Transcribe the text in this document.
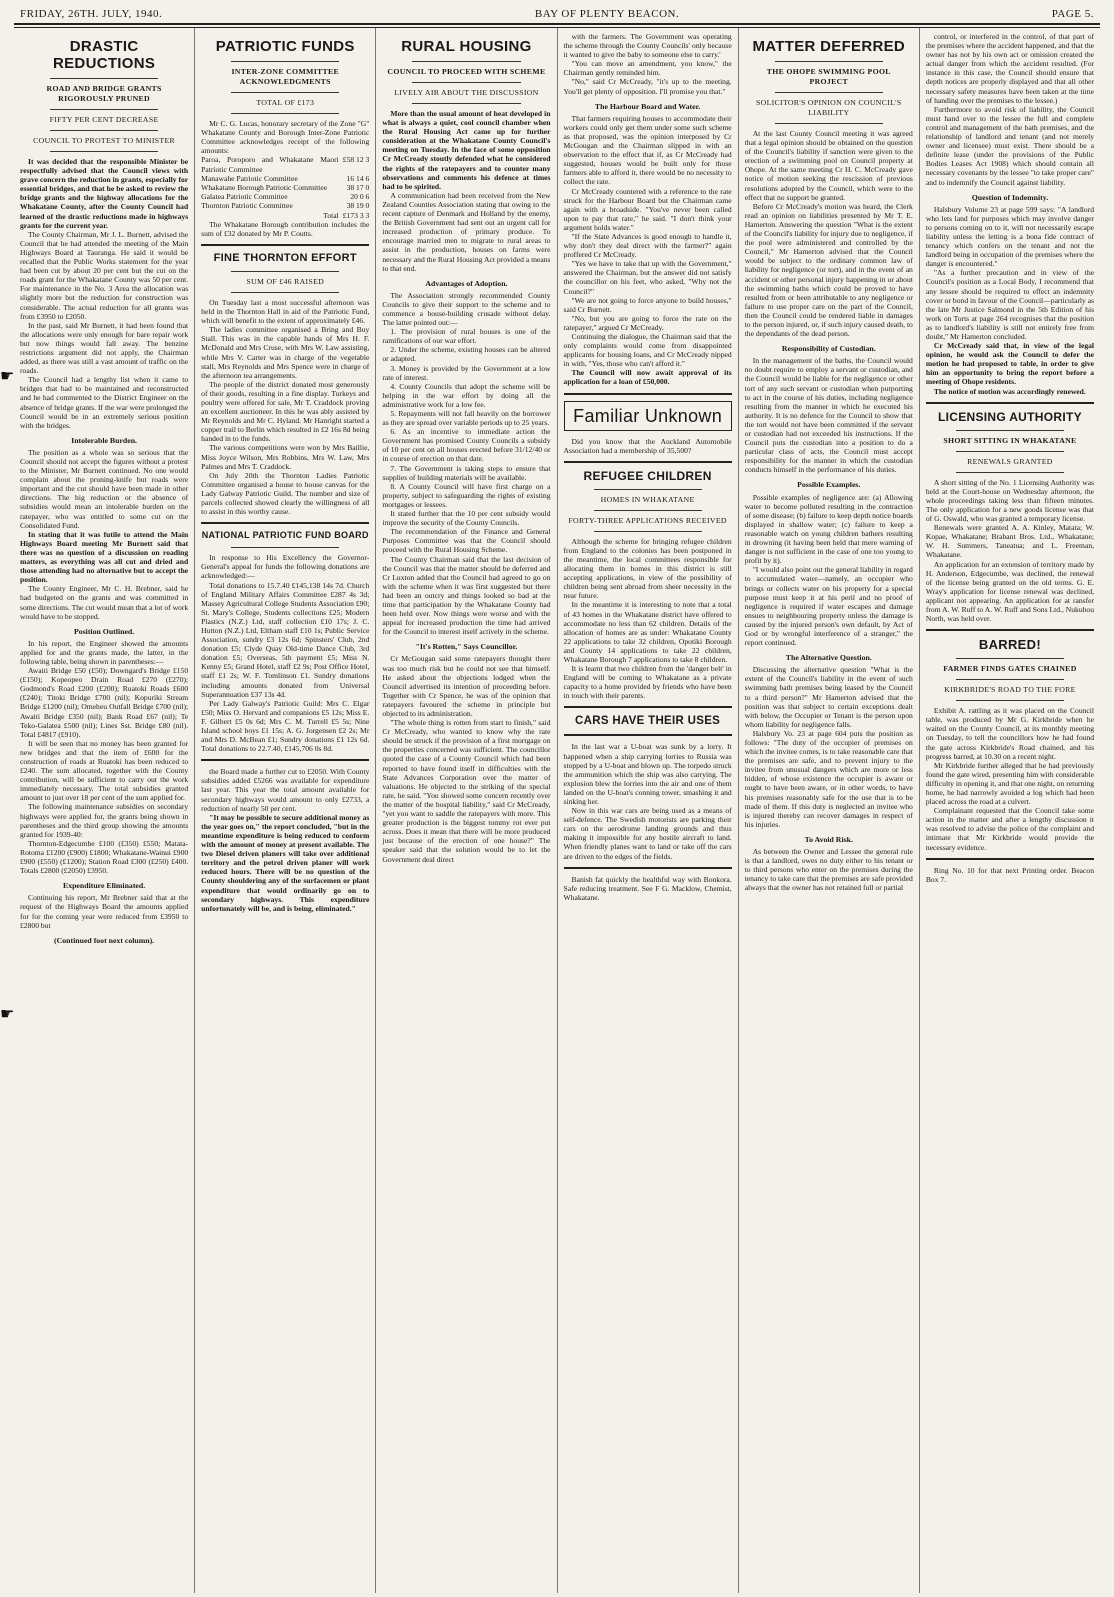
FRIDAY, 26TH. JULY, 1940.	BAY OF PLENTY BEACON.	PAGE 5.
DRASTIC REDUCTIONS
ROAD AND BRIDGE GRANTS RIGOROUSLY PRUNED
FIFTY PER CENT DECREASE
COUNCIL TO PROTEST TO MINISTER

It was decided that the responsible Minister be respectfully advised that the Council views with grave concern the reduction in grants, especially for essential bridges, and that he be asked to review the bridge grants and the highway allocations for the Whakatane County, after the County Council had learned of the drastic reductions made in highways grants for the current year.

The County Chairman, Mr J. L. Burnett, advised the Council that he had attended the meeting of the Main Highways Board at Tauranga. He said it would be recalled that the Public Works statement for the year had been cut by about 20 per cent but the cut on the roads grant for the Whakatane County was 50 per cent. For maintenance in the No. 3 Area the allocation was slightly more but the reduction for construction was considerable. The actual reduction for all grants was from £3950 to £2050.

In the past, said Mr Burnett, it had been found that the allocations were only enough for bare repair work but now things would fall away. The benzine restrictions argument did not apply, the Chairman added, as there was still a vast amount of traffic on the roads.

The Council had a lengthy list when it came to bridges that had to be maintained and reconstructed and he had commented to the District Engineer on the absence of bridge grants. If the war were prolonged the Council would be in an extremely serious position with the bridges.

Intolerable Burden.

The position as a whole was so serious that the Council should not accept the figures without a protest to the Minister, Mr Burnett continued. No one would complain about the pruning-knife but roads were important and the cut should have been made in other directions. The big reduction or the absence of subsidies would mean an intolerable burden on the ratepayer, who was entitled to some cut on the Consolidated Fund.

In stating that it was futile to attend the Main Highways Board meeting Mr Burnett said that there was no question of a discussion on roading matters, as everything was all cut and dried and those attending had no alternative but to accept the position.

The County Engineer, Mr C. H. Brebner, said he had budgeted on the grants and was committed in some directions. The cut would mean that a lot of work would have to be stopped.

Position Outlined.

In his report, the Engineer showed the amounts applied for and the grants made, the latter, in the following table, being shown in parentheses:—

Awaiti Bridge £50 (£50); Downgard's Bridge £150 (£150); Kopeopeo Drain Road £270 (£270); Godmond's Road £200 (£200); Ruatoki Roads £600 (£240); Titoki Bridge £700 (nil); Kopuriki Stream Bridge £1200 (nil); Omeheu Outfall Bridge £700 (nil); Awaiti Bridge £350 (nil); Bank Road £67 (nil); Te Teko-Galatea £500 (nil); Lines Sst. Bridge £80 (nil). Total £4817 (£910).

It will be seen that no money has been granted for new bridges and that the item of £600 for the construction of roads at Ruatoki has been reduced to £240. The sum allocated, together with the County contribution, will be sufficient to carry out the work immediately necessary. The total subsidies granted amount to just over 18 per cent of the sum applied for.

The following maintenance subsidies on secondary highways were applied for, the grants being shown in parentheses and the third group showing the amounts granted for 1939-40:

Thornton-Edgecumbe £100 (£350) £550; Matata-Rotoma £1200 (£900) £1800; Whakatane-Wainui £900 £900 (£550) (£1200); Station Road £300 (£250) £400. Totals £2800 (£2050) £3950.

Expenditure Eliminated.

Continuing his report, Mr Brebner said that at the request of the Highways Board the amounts applied for for the coming year were reduced from £3950 to £2800 but

(Continued foot next column).
PATRIOTIC FUNDS
INTER-ZONE COMMITTEE ACKNOWLEDGMENTS
TOTAL OF £173

Mr C. G. Lucas, honorary secretary of the Zone "G" Whakatane County and Borough Inter-Zone Patriotic Committee acknowledges receipt of the following amounts:

Paroa, Poroporo and Whakatane Maori Patriotic Committee	£58 12 3
Manawahe Patriotic Committee	16 14 6
Whakatane Borough Patriotic Committee	38 17 0
Galatea Patriotic Committee	20 0 6
Thornton Patriotic Committee	38 19 0
Total	£173 3 3

The Whakatane Borough contribution includes the sum of £32 donated by Mr P. Coutts.

FINE THORNTON EFFORT
SUM OF £46 RAISED

On Tuesday last a most successful afternoon was held in the Thornton Hall in aid of the Patriotic Fund, which will benefit to the extent of approximately £46.

The ladies committee organised a Bring and Buy Stall. This was in the capable hands of Mrs H. F. McDonald and Mrs Cruse, with Mrs W. Law assisting, while Mrs V. Carter was in charge of the vegetable stall, Mrs Reynolds and Mrs Spence were in charge of the afternoon tea arrangements.

The people of the district donated most generously of their goods, resulting in a fine display. Turkeys and poultry were offered for sale, Mr T. Craddock proving an excellent auctioneer. In this he was ably assisted by Mr Reynolds and Mr C. Hyland. Mr Hanright started a copper trail to Berlin which resulted in £2 16s 8d being handed in to the funds.

The various competitions were won by Mrs Baillie, Miss Joyce Wilson, Mrs Robbins, Mrs W. Law, Mrs Palmes and Mrs T. Craddock.

On July 20th the Thornton Ladies Patriotic Committee organised a house to house canvas for the Lady Galway Patriotic Guild. The number and size of parcels collected showed clearly the willingness of all to assist in this worthy cause.

NATIONAL PATRIOTIC FUND BOARD

In response to His Excellency the Governor-General's appeal for funds the following donations are acknowledged:—

Total donations to 15.7.40 £145,138 14s 7d. Church of England Military Affairs Committee £287 4s 3d; Massey Agricultural College Students Association £90; St. Mary's College, Students collections £25; Modern Plastics (N.Z.) Ltd, staff collection £10 17s; J. C. Hutton (N.Z.) Ltd, Eltham staff £10 1s; Public Service Association, sundry £3 12s 6d; Spinsters' Club, 2nd donation £5; Clyde Quay Old-time Dance Club, 3rd donation £5; Overseas, 5th payment £5; Miss N. Kenny £5; Grand Hotel, staff £2 9s; Post Office Hotel, staff £1 2s; W. F. Tomlinson £1. Sundry donations including amounts donated from Universal Superannuation £37 13s 4d.

Per Lady Galway's Patriotic Guild: Mrs C. Elgar £50; Miss O. Hervard and companions £5 12s; Miss E. F. Gilbert £5 0s 6d; Mrs C. M. Turrell £5 5s; Nine Island school boys £1 15s; A. G. Jorgensen £2 2s; Mr and Mrs D. McBean £1; Sundry donations £1 12s 6d. Total donations to 22.7.40, £145,706 0s 8d.

the Board made a further cut to £2050. With County subsidies added £5266 was available for expenditure last year. This year the total amount available for secondary highways would amount to only £2733, a reduction of nearly 50 per cent.

"It may be possible to secure additional money as the year goes on," the report concluded, "but in the meantime expenditure is being reduced to conform with the amount of money at present available. The two Diesel driven planers will take over additional territory and the petrol driven planer will work reduced hours. There will be no question of the County shouldering any of the surfacemen or plant expenditure that would ordinarily go on to secondary highways. This expenditure unfortunately will be, and is being, eliminated."

RURAL HOUSING
COUNCIL TO PROCEED WITH SCHEME
LIVELY AIR ABOUT THE DISCUSSION

More than the usual amount of heat developed in what is always a quiet, cool council chamber when the Rural Housing Act came up for further consideration at the Whakatane County Council's meeting on Tuesday. In the face of some opposition Cr McCready stoutly defended what he considered the rights of the ratepayers and to counter many observations and comments his defence at times had to be spirited.

A communication had been received from the New Zealand Counties Association stating that owing to the recent capture of Denmark and Holland by the enemy, the British Government had sent out an urgent call for increased production of primary produce. To encourage married men to migrate to rural areas to assist in the production, houses on farms were necessary and the Rural Housing Act provided a means to that end.

Advantages of Adoption.

The Association strongly recommended County Councils to give their support to the scheme and to commence a house-building crusade without delay. The latter pointed out:—

1. The provision of rural houses is one of the ramifications of our war effort.

2. Under the scheme, existing houses can be altered or adapted.

3. Money is provided by the Government at a low rate of interest.

4. County Councils that adopt the scheme will be helping in the war effort by doing all the administrative work for a low fee.

5. Repayments will not fall heavily on the borrower as they are spread over variable periods up to 25 years.

6. As an incentive to immediate action the Government has promised County Councils a subsidy of 10 per cent on all houses erected before 31/12/40 or in course of erection on that date.

7. The Government is taking steps to ensure that supplies of building materials will be available.

8. A County Council will have first charge on a property, subject to safeguarding the rights of existing mortgages or lessees.

It stated further that the 10 per cent subsidy would improve the security of the County Councils.

The recommendation of the Finance and General Purposes Committee was that the Council should proceed with the Rural Housing Scheme.

The County Chairman said that the last decision of the Council was that the matter should be deferred and Cr Luxton added that the Council had agreed to go on with the scheme when it was first suggested but there had been an outcry and things looked so bad at the time that participation by the Whakatane County had been held over. Now things were worse and with the appeal for increased production the time had arrived for the Council to interest itself actively in the scheme.

"It's Rotten," Says Councillor.

Cr McGougan said some ratepayers thought there was too much risk but he could not see that himself. He asked about the objections lodged when the Council advertised its intention of proceeding before. Together with Cr Spence, he was of the opinion that ratepayers favoured the scheme in principle but objected to its administration.

"The whole thing is rotten from start to finish," said Cr McCready, who wanted to know why the rate should be struck if the provision of a first mortgage on the properties concerned was sufficient. The councillor quoted the case of a County Council which had been reported to have found itself in difficulties with the State Advances Corporation over the matter of valuations. He objected to the striking of the special rate, he said. "You showed some concern recently over the matter of the hospital liability," said Cr McCready, "yet you want to saddle the ratepayers with more. This greater production is the biggest tommy rot ever put across. Does it mean that there will be more produced just because of the erection of one house?" The speaker said that the solution would be to let the Government deal direct

with the farmers. The Government was operating the scheme through the County Councils' only because it wanted to give the baby to someone else to carry.'

"You can move an amendment, you know," the Chairman gently reminded him.

"No," said Cr McCready, "it's up to the meeting. You'll get plenty of opposition. I'll promise you that."

The Harbour Board and Water.

That farmers requiring houses to accommodate their workers could only get them under some such scheme as that proposed, was the opinion interposed by Cr McGougan and the Chairman slipped in with an observation to the effect that if, as Cr McCready had suggested, houses would be built only for those farmers able to afford it, there would be no necessity to collect the rate.

Cr McCready countered with a reference to the rate struck for the Harbour Board but the Chairman came again with a broadside. "You've never been called upon to pay that rate," he said. "I don't think your argument holds water."

"If the State Advances is good enough to handle it, why don't they deal direct with the farmer?" again proffered Cr McCready.

"Yes we have to take that up with the Government," answered the Chairman, but the answer did not satisfy the councillor on his feet, who asked, "Why not the Council?"

"We are not going to force anyone to build houses," said Cr Burnett.

"No, but you are going to force the rate on the ratepayer," argued Cr McCready.

Continuing the dialogue, the Chairman said that the only complaints would come from disappointed applicants for housing loans, and Cr McCready nipped in with, "Yes, those who can't afford it."

The Council will now await approval of its application for a loan of £50,000.

Familiar Unknown

Did you know that the Auckland Automobile Association had a membership of 35,500?

REFUGEE CHILDREN
HOMES IN WHAKATANE
FORTY-THREE APPLICATIONS RECEIVED

Although the scheme for bringing refugee children from England to the colonies has been postponed in the meantime, the local committees responsible for allocating them in homes in this district is still accepting applications, in view of the possibility of children being sent abroad from sheer necessity in the near future.

In the meantime it is interesting to note that a total of 43 homes in the Whakatane district have offered to accommodate no less than 62 children. Details of the allocation of homes are as under: Whakatane County 22 applications to take 32 children, Opotiki Borough and County 14 applications to take 22 children, Whakatane Borough 7 applications to take 8 children.

It is learnt that two children from the 'danger belt' in England will be coming to Whakatane as a private capacity to a home provided by friends who have been in touch with their parents.

CARS HAVE THEIR USES

In the last war a U-boat was sunk by a lorry. It happened when a ship carrying lorries to Russia was stopped by a U-boat and blown up. The torpedo struck the ammunition which the ship was also carrying. The explosion blew the lorries into the air and one of them landed on the U-boat's conning tower, smashing it and sinking her.

Now in this war cars are being used as a means of self-defence. The Swedish motorists are parking their cars on the aerodrome landing grounds and thus making it impossible for any hostile aircraft to land. When friendly planes want to land or take off the cars are driven to the edges of the fields.

Banish fat quickly the healthful way with Bonkora. Safe reducing treatment. See F G. Macklow, Chemist, Whakatane.

MATTER DEFERRED
THE OHOPE SWIMMING POOL PROJECT
SOLICITOR'S OPINION ON COUNCIL'S LIABILITY

At the last County Council meeting it was agreed that a legal opinion should be obtained on the question of the Council's liability if sanction were given to the erection of a swimming pool on Council property at Ohope. At the same meeting Cr H. C. McCready gave notice of motion seeking the rescission of previous resolutions adopted by the Council, which were to the effect that no support be granted.

Before Cr McCready's motion was heard, the Clerk read an opinion on liabilities presented by Mr T. E. Hamerton. Answering the question "What is the extent of the Council's liability for injury due to negligence, if the pool were administered and controlled by the Council," Mr Hamerton advised that the Council would be subject to the ordinary common law of liability for negligence (or tort), and in the event of an accident or other personal injury happening in or about the swimming baths which could be proved to have resulted from or been attributable to any negligence or failure to use proper care on the part of the Council, then the Council could be rendered liable in damages to the person injured, or, if such injury caused death, to the dependants of the dead person.

Responsibility of Custodian.

In the management of the baths, the Council would no doubt require to employ a servant or custodian, and the Council would be liable for the negligence or other tort of any such servant or custodian when purporting to act in the course of his duties, including negligence resulting from the manner in which he executed his authority. It is no defence for the Council to show that the tort would not have been committed if the servant or custodian had not exceeded his instructions. If the Council puts the custodian into a position to do a particular class of acts, the Council must accept responsibility for the manner in which the custodian conducts himself in the performance of his duties.

Possible Examples.

Possible examples of negligence are: (a) Allowing water to become polluted resulting in the contraction of some disease; (b) failure to keep depth notice boards displayed in shallow water; (c) failure to keep a reasonable watch on young children bathers resulting in drowning (it having been held that mere warning of danger is not sufficient in the case of one too young to profit by it).

"I would also point out the general liability in regard to accumulated water—namely, an occupier who brings or collects water on his property for a special purpose must keep it at his peril and no proof of negligence is required if water escapes and damage ensues to neighbouring property unless the damage is caused by the injured person's own default, by Act of God or by wrongful interference of a stranger," the report continued.

The Alternative Question.

Discussing the alternative question "What is the extent of the Council's liability in the event of such swimming bath premises being leased by the Council to a third person?" Mr Hamerton advised that the position was that subject to certain exceptions dealt with below, the Occupier or Tenant is the person upon whom liability for negligence falls.

Halsbury Vo. 23 at page 604 puts the position as follows: "The duty of the occupier of premises on which the invitee comes, is to take reasonable care that the premises are safe, and to prevent injury to the invitee from unusual dangers which are more or less hidden, of whose existence the occupier is aware or ought to have been aware, or in other words, to have his premises reasonably safe for the use that is to be made of them. If this duty is neglected an invitee who is injured thereby can recover damages in respect of his injuries.

To Avoid Risk.

As between the Owner and Lessee the general rule is that a landlord, owes no duty either to his tenant or to third persons who enter on the premises during the tenancy to take care that the premises are safe provided always that the owner has not retained full or partial

control, or interfered in the control, of that part of the premises where the accident happened, and that the owner has not by his own act or omission created the actual danger from which the accident resulted. (For instance in this case, the Council should ensure that depth notices are properly displayed and that all other necessary safety measures have been taken at the time of handing over the premises to the lessee.)

Furthermore to avoid risk of liability, the Council must hand over to the lessee the full and complete control and management of the bath premises, and the relationship of landlord and tenant (and not merely owner and licensee) must exist. There should be a definite lease (under the provisions of the Public Bodies Leases Act 1908) which should contain all necessary covenants by the lessee "to take proper care" and to indemnify the Council against liability.

Question of Indemnity.

Halsbury Volume 23 at page 599 says: "A landlord who lets land for purposes which may involve danger to persons coming on to it, will not necessarily escape liability unless the letting is a bona fide contract of tenancy which confers on the tenant and not the landlord being in occupation of the premises where the danger is encountered."

"As a further precaution and in view of the Council's position as a Local Body, I recommend that any lessee should be required to effect an indemnity cover or bond in favour of the Council—particularly as the late Mr Justice Salmond in the 5th Edition of his work on Torts at page 264 recognises that the position as to landlord's liability is still not entirely free from doubt," Mr Hamerton concluded.

Cr McCready said that, in view of the legal opinion, he would ask the Council to defer the motion he had proposed to table, in order to give him an opportunity to bring the report before a meeting of Ohope residents.

The notice of motion was accordingly renewed.

LICENSING AUTHORITY
SHORT SITTING IN WHAKATANE
RENEWALS GRANTED

A short sitting of the No. 1 Licensing Authority was held at the Court-house on Wednesday afternoon, the whole proceedings taking less than fifteen minutes. The only application for a new goods license was that of G. Oswald, who was granted a temporary license.

Renewals were granted A. A. Kinley, Matata; W. Kopae, Whakatane; Brabant Bros. Ltd., Whakatane; W. H. Summers, Taneatua; and L. Freeman, Whakatane.

An application for an extension of territory made by H. Anderson, Edgecumbe, was declined, the renewal of the license being granted on the old terms. G. E. Wray's application for license renewal was declined, applicant not appearing. An application for at ransfer from A. W. Ruff to A. W. Ruff and Sons Ltd., Nukuhou North, was held over.

BARRED!
FARMER FINDS GATES CHAINED
KIRKBRIDE'S ROAD TO THE FORE

Exhibit A. rattling as it was placed on the Council table, was produced by Mr G. Kirkbride when he waited on the County Council, at its monthly meeting on Tuesday, to tell the councillors how he had found the gate across Kirkbride's Road chained, and his progress barred, at 10.30 on a recent night.

Mr Kirkbride further alleged that he had previously found the gate wired, presenting him with considerable difficulty in opening it, and that one night, on returning home, he had narrowly avoided a log which had been placed across the road at a culvert.

Complainant requested that the Council take some action in the matter and after a lengthy discussion it was resolved to advise the police of the complaint and intimate that Mr Kirkbride would provide the necessary evidence.

Ring No. 10 for that next Printing order. Beacon Box 7.

☛
☛
